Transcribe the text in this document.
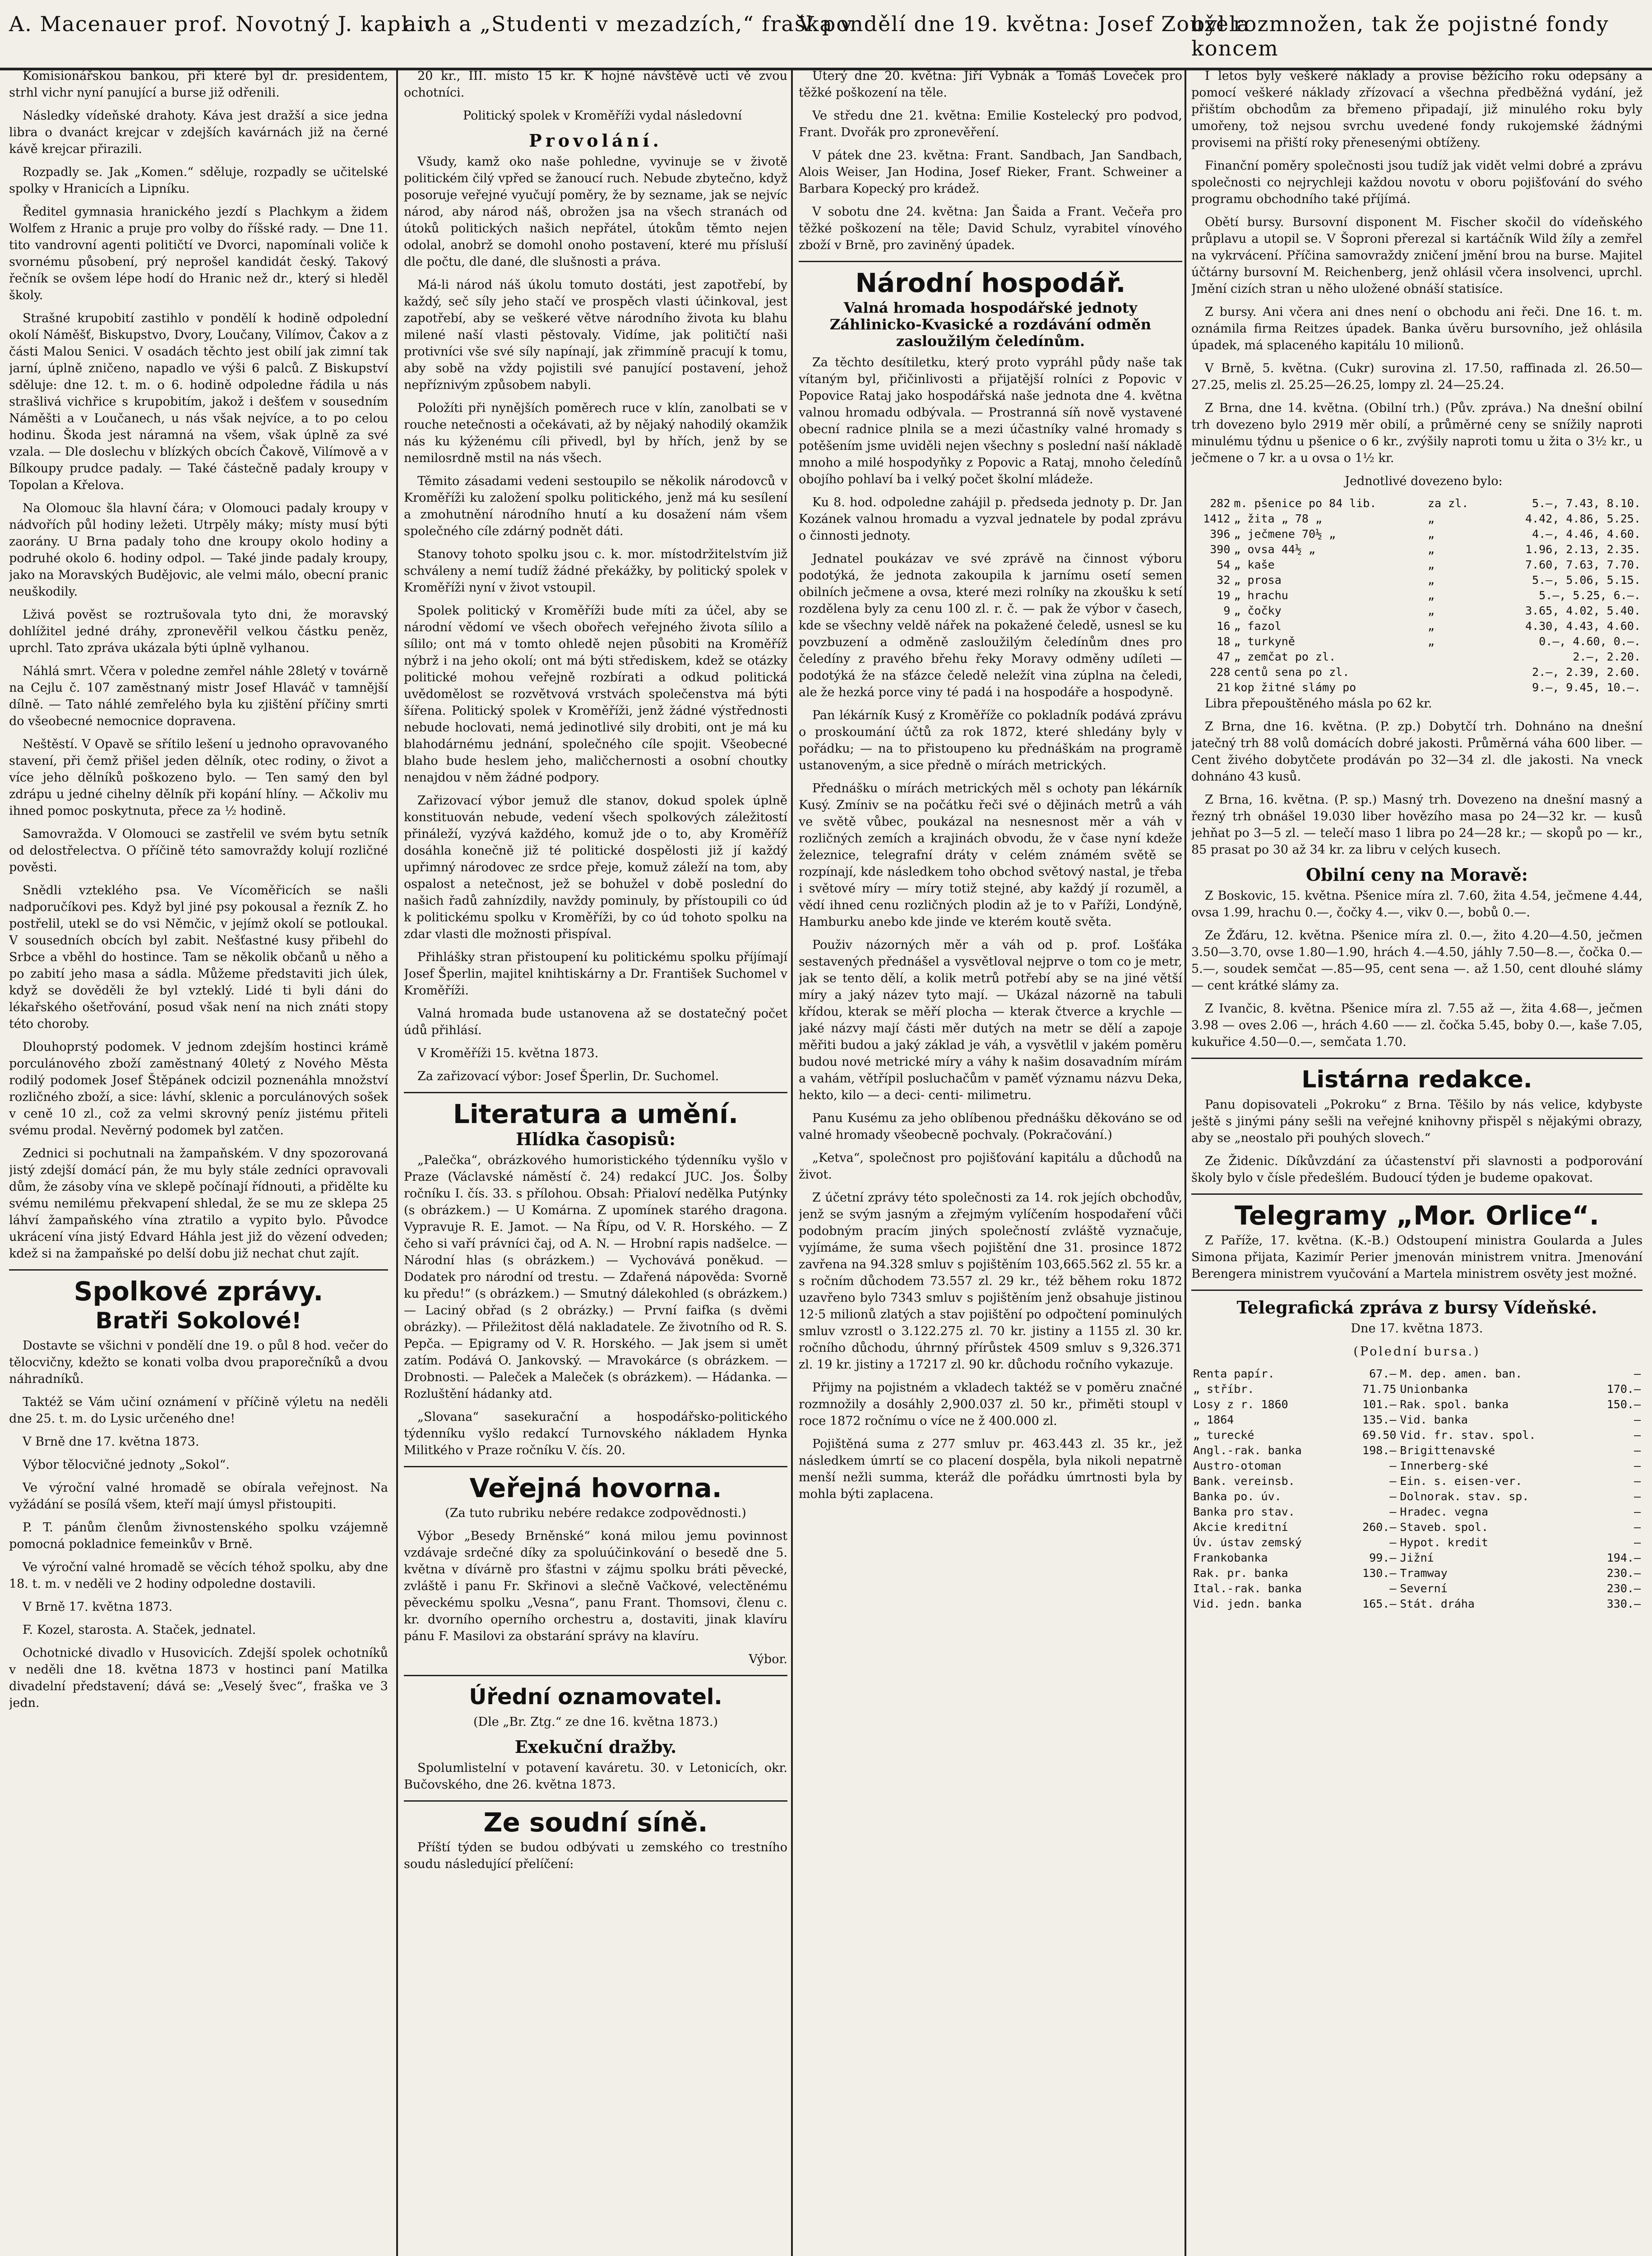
A. Macenauer prof. Novotný J. kapl. v
aich a „Studenti v mezadzích,“ fraška v
V pondělí dne 19. května: Josef Zoužela
byl rozmnožen, tak že pojistné fondy koncem

Komisionářskou bankou, při které byl dr. presidentem, strhl vichr nyní panující a burse již odřenili.

Následky vídeňské drahoty. Káva jest dražší a sice jedna libra o dvanáct krejcar v zdejších kavárnách již na černé kávě krejcar přirazili.

Rozpadly se. Jak „Komen.“ sděluje, rozpadly se učitelské spolky v Hranicích a Lipníku.

Ředitel gymnasia hranického jezdí s Plachkym a židem Wolfem z Hranic a pruje pro volby do říšské rady. — Dne 11. tito vandrovní agenti političtí ve Dvorci, napomínali voliče k svornému působení, prý neprošel kandidát český. Takový řečník se ovšem lépe hodí do Hranic než dr., který si hleděl školy.

Strašné krupobití zastihlo v pondělí k hodině odpolední okolí Náměšť, Biskupstvo, Dvory, Loučany, Vilímov, Čakov a z části Malou Senici. V osadách těchto jest obilí jak zimní tak jarní, úplně zničeno, napadlo ve výši 6 palců. Z Biskupství sděluje: dne 12. t. m. o 6. hodině odpoledne řádila u nás strašlivá vichřice s krupobitím, jakož i dešťem v sousedním Náměšti a v Loučanech, u nás však nejvíce, a to po celou hodinu. Škoda jest náramná na všem, však úplně za své vzala. — Dle doslechu v blízkých obcích Čakově, Vilímově a v Bílkoupy prudce padaly. — Také částečně padaly kroupy v Topolan a Křelova.

Na Olomouc šla hlavní čára; v Olomouci padaly kroupy v nádvořích půl hodiny ležeti. Utrpěly máky; místy musí býti zaorány. U Brna padaly toho dne kroupy okolo hodiny a podruhé okolo 6. hodiny odpol. — Také jinde padaly kroupy, jako na Moravských Budějovic, ale velmi málo, obecní pranic neuškodily.

Lživá pověst se roztrušovala tyto dni, že moravský dohlížitel jedné dráhy, zpronevěřil velkou částku peněz, uprchl. Tato zpráva ukázala býti úplně vylhanou.

Náhlá smrt. Včera v poledne zemřel náhle 28letý v továrně na Cejlu č. 107 zaměstnaný mistr Josef Hlaváč v tamnější dílně. — Tato náhlé zemřelého byla ku zjištění příčiny smrti do všeobecné nemocnice dopravena.

Neštěstí. V Opavě se sřítilo lešení u jednoho opravovaného stavení, při čemž přišel jeden dělník, otec rodiny, o život a více jeho dělníků poškozeno bylo. — Ten samý den byl zdrápu u jedné cihelny dělník při kopání hlíny. — Ačkoliv mu ihned pomoc poskytnuta, přece za ½ hodině.

Samovražda. V Olomouci se zastřelil ve svém bytu setník od delostřelectva. O příčině této samovraždy kolují rozličné pověsti.

Snědli vzteklého psa. Ve Vícoměřicích se našli nadporučíkovi pes. Když byl jiné psy pokousal a řezník Z. ho postřelil, utekl se do vsi Němčic, v jejímž okolí se potloukal. V sousedních obcích byl zabit. Nešťastné kusy přibehl do Srbce a vběhl do hostince. Tam se několik občanů u něho a po zabití jeho masa a sádla. Můžeme představiti jich úlek, když se dověděli že byl vzteklý. Lidé ti byli dáni do lékařského ošetřování, posud však není na nich znáti stopy této choroby.

Dlouhoprstý podomek. V jednom zdejším hostinci krámě porculánového zboží zaměstnaný 40letý z Nového Města rodilý podomek Josef Štěpánek odcizil poznenáhla množství rozličného zboží, a sice: lávhí, sklenic a porculánových sošek v ceně 10 zl., což za velmi skrovný peníz jistému přiteli svému prodal. Nevěrný podomek byl zatčen.

Zednici si pochutnali na žampaňském. V dny spozorovaná jistý zdejší domácí pán, že mu byly stále zedníci opravovali dům, že zásoby vína ve sklepě počínají řídnouti, a přidělte ku svému nemilému překvapení shledal, že se mu ze sklepa 25 láhví žampaňského vína ztratilo a vypito bylo. Původce ukrácení vína jistý Edvard Háhla jest již do vězení odveden; kdež si na žampaňské po delší dobu již nechat chut zajít.

Spolkové zprávy.
Bratři Sokolové!

Dostavte se všichni v pondělí dne 19. o půl 8 hod. večer do tělocvičny, kdežto se konati volba dvou praporečníků a dvou náhradníků.

Taktéž se Vám učiní oznámení v příčině výletu na neděli dne 25. t. m. do Lysic určeného dne!

V Brně dne 17. května 1873.

Výbor tělocvičné jednoty „Sokol“.

Ve výroční valné hromadě se obírala veřejnost. Na vyžádání se posílá všem, kteří mají úmysl přistoupiti.

P. T. pánům členům živnostenského spolku vzájemně pomocná pokladnice femeinkův v Brně.

Ve výroční valné hromadě se věcích téhož spolku, aby dne 18. t. m. v neděli ve 2 hodiny odpoledne dostavili.

V Brně 17. května 1873.

F. Kozel, starosta. A. Staček, jednatel.

Ochotnické divadlo v Husovicích. Zdejší spolek ochotníků v neděli dne 18. května 1873 v hostinci paní Matilka divadelní představení; dává se: „Veselý švec“, fraška ve 3 jedn.

20 kr., III. místo 15 kr. K hojné návštěvě ucti vě zvou ochotníci.

Politický spolek v Kroměříži vydal následovní

Provolání.

Všudy, kamž oko naše pohledne, vyvinuje se v životě politickém čilý vpřed se žanoucí ruch. Nebude zbytečno, když posoruje veřejné vyučují poměry, že by sezname, jak se nejvíc národ, aby národ náš, obrožen jsa na všech stranách od útoků politických našich nepřátel, útokům těmto nejen odolal, anobrž se domohl onoho postavení, které mu přísluší dle počtu, dle dané, dle slušnosti a práva.

Má-li národ náš úkolu tomuto dostáti, jest zapotřebí, by každý, seč síly jeho stačí ve prospěch vlasti účinkoval, jest zapotřebí, aby se veškeré větve národního života ku blahu milené naší vlasti pěstovaly. Vidíme, jak političtí naši protivníci vše své síly napínají, jak zřimmíně pracují k tomu, aby sobě na vždy pojistili své panující postavení, jehož nepříznivým způsobem nabyli.

Položíti při nynějších poměrech ruce v klín, zanolbati se v rouche netečnosti a očekávati, až by nějaký nahodilý okamžik nás ku kýženému cíli přivedl, byl by hřích, jenž by se nemilosrdně mstil na nás všech.

Těmito zásadami vedeni sestoupilo se několik národovců v Kroměříži ku založení spolku politického, jenž má ku sesílení a zmohutnění národního hnutí a ku dosažení nám všem společného cíle zdárný podnět dáti.

Stanovy tohoto spolku jsou c. k. mor. místodržitelstvím již schváleny a nemí tudíž žádné překážky, by politický spolek v Kroměříži nyní v život vstoupil.

Spolek politický v Kroměříži bude míti za účel, aby se národní vědomí ve všech obořech veřejného života sílilo a sílilo; ont má v tomto ohledě nejen působiti na Kroměříž nýbrž i na jeho okolí; ont má býti střediskem, kdež se otázky politické mohou veřejně rozbírati a odkud politická uvědomělost se rozvětvová vrstvách společenstva má býti šířena. Politický spolek v Kroměříži, jenž žádné výstřednosti nebude hoclovati, nemá jedinotlivé sily drobiti, ont je má ku blahodárnému jednání, společného cíle spojit. Všeobecné blaho bude heslem jeho, maličchernosti a osobní choutky nenajdou v něm žádné podpory.

Zařizovací výbor jemuž dle stanov, dokud spolek úplně konstituován nebude, vedení všech spolkových záležitostí přináleží, vyzývá každého, komuž jde o to, aby Kroměříž dosáhla konečně již té politické dospělosti již jí každý upřimný národovec ze srdce přeje, komuž záleží na tom, aby ospalost a netečnost, jež se bohužel v době poslední do našich řadů zahnízdily, navždy pominuly, by přístoupili co úd k politickému spolku v Kroměříži, by co úd tohoto spolku na zdar vlasti dle možnosti přispíval.

Přihlášky stran přistoupení ku politickému spolku příjímají Josef Šperlin, majitel knihtiskárny a Dr. František Suchomel v Kroměříži.

Valná hromada bude ustanovena až se dostatečný počet údů přihlásí.

V Kroměříži 15. května 1873.

Za zařizovací výbor: Josef Šperlin, Dr. Suchomel.

Literatura a umění.
Hlídka časopisů:

„Palečka“, obrázkového humoristického týdenníku vyšlo v Praze (Václavské náměstí č. 24) redakcí JUC. Jos. Šolby ročníku I. čís. 33. s přílohou. Obsah: Přialoví nedělka Putýnky (s obrázkem.) — U Komárna. Z upomínek starého dragona. Vypravuje R. E. Jamot. — Na Řípu, od V. R. Horského. — Z čeho si vaří právníci čaj, od A. N. — Hrobní rapis nadšelce. — Národní hlas (s obrázkem.) — Vychovává poněkud. — Dodatek pro národní od trestu. — Zdařená nápověda: Svorně ku předu!“ (s obrázkem.) — Smutný dálekohled (s obrázkem.) — Laciný obřad (s 2 obrázky.) — První faifka (s dvěmi obrázky). — Přiležitost dělá nakladatele. Ze životního od R. S. Pepča. — Epigramy od V. R. Horského. — Jak jsem si umět zatím. Podává O. Jankovský. — Mravokárce (s obrázkem. — Drobnosti. — Paleček a Maleček (s obrázkem). — Hádanka. — Rozluštění hádanky atd.

„Slovana“ sasekurační a hospodářsko-politického týdenníku vyšlo redakcí Turnovského nákladem Hynka Militkého v Praze ročníku V. čís. 20.

Veřejná hovorna.

(Za tuto rubriku nebére redakce zodpovědnosti.)

Výbor „Besedy Brněnské“ koná milou jemu povinnost vzdávaje srdečné díky za spoluúčinkování o besedě dne 5. května v dívárně pro šťastni v zájmu spolku bráti pěvecké, zvláště i panu Fr. Skřinovi a slečně Vačkové, velectěnému pěveckému spolku „Vesna“, panu Frant. Thomsovi, členu c. kr. dvorního operního orchestru a, dostaviti, jinak klavíru pánu F. Masilovi za obstarání správy na klavíru.

Výbor.

Úřední oznamovatel.

(Dle „Br. Ztg.“ ze dne 16. května 1873.)

Exekuční dražby.

Spolumlistelní v potavení kaváretu. 30. v Letonicích, okr. Bučovského, dne 26. května 1873.

Ze soudní síně.

Příští týden se budou odbývati u zemského co trestního soudu následující přelíčení:

Úterý dne 20. května: Jiří Vybnák a Tomáš Loveček pro těžké poškození na těle.

Ve středu dne 21. května: Emilie Kostelecký pro podvod, Frant. Dvořák pro zpronevěření.

V pátek dne 23. května: Frant. Sandbach, Jan Sandbach, Alois Weiser, Jan Hodina, Josef Rieker, Frant. Schweiner a Barbara Kopecký pro krádež.

V sobotu dne 24. května: Jan Šaida a Frant. Večeřa pro těžké poškození na těle; David Schulz, vyrabitel vínového zboží v Brně, pro zaviněný úpadek.

Národní hospodář.
Valná hromada hospodářské jednoty Záhlinicko-Kvasické a rozdávání odměn zasloužilým čeledínům.

Za těchto desítiletku, který proto vypráhl půdy naše tak vítaným byl, přičinlivosti a přijatější rolníci z Popovic v Popovice Rataj jako hospodářská naše jednota dne 4. května valnou hromadu odbývala. — Prostranná síň nově vystavené obecní radnice plnila se a mezi účastníky valné hromady s potěšením jsme uviděli nejen všechny s poslední naší nákladě mnoho a milé hospodyňky z Popovic a Rataj, mnoho čeledínů obojího pohlaví ba i velký počet školní mládeže.

Ku 8. hod. odpoledne zahájil p. předseda jednoty p. Dr. Jan Kozánek valnou hromadu a vyzval jednatele by podal zprávu o činnosti jednoty.

Jednatel poukázav ve své zprávě na činnost výboru podotýká, že jednota zakoupila k jarnímu osetí semen obilních ječmene a ovsa, které mezi rolníky na zkoušku k setí rozdělena byly za cenu 100 zl. r. č. — pak že výbor v časech, kde se všechny veldě nářek na pokažené čeledě, usnesl se ku povzbuzení a odměně zasloužilým čeledínům dnes pro čeledíny z pravého břehu řeky Moravy odměny udíleti — podotýká že na sťázce čeledě neležít vina zúplna na čeledi, ale že hezká porce viny té padá i na hospodáře a hospodyně.

Pan lékárník Kusý z Kroměříže co pokladník podává zprávu o proskoumání účtů za rok 1872, které shledány byly v pořádku; — na to přistoupeno ku přednáškám na programě ustanoveným, a sice předně o mírách metrických.

Přednášku o mírách metrických měl s ochoty pan lékárník Kusý. Zmíniv se na počátku řeči své o dějinách metrů a váh ve světě vůbec, poukázal na nesnesnost měr a váh v rozličných zemích a krajinách obvodu, že v čase nyní kdeže železnice, telegrafní dráty v celém známém světě se rozpínají, kde následkem toho obchod světový nastal, je třeba i světové míry — míry totiž stejné, aby každý jí rozuměl, a vědí ihned cenu rozličných plodin až je to v Paříži, Londýně, Hamburku anebo kde jinde ve kterém koutě světa.

Použiv názorných měr a váh od p. prof. Lošťáka sestavených přednášel a vysvětloval nejprve o tom co je metr, jak se tento dělí, a kolik metrů potřebí aby se na jiné větší míry a jaký název tyto mají. — Ukázal názorně na tabuli křídou, kterak se měří plocha — kterak čtverce a krychle — jaké názvy mají části měr dutých na metr se dělí a zapoje měřiti budou a jaký základ je váh, a vysvětlil v jakém poměru budou nové metrické míry a váhy k našim dosavadním mírám a vahám, větřípil posluchačům v paměť významu názvu Deka, hekto, kilo — a deci- centi- milimetru.

Panu Kusému za jeho oblíbenou přednášku děkováno se od valné hromady všeobecně pochvaly. (Pokračování.)

„Ketva“, společnost pro pojišťování kapitálu a důchodů na život.

Z účetní zprávy této společnosti za 14. rok jejích obchodův, jenž se svým jasným a zřejmým vylíčením hospodaření vůči podobným pracím jiných společností zvláště vyznačuje, vyjímáme, že suma všech pojištění dne 31. prosince 1872 zavřena na 94.328 smluv s pojištěním 103,665.562 zl. 55 kr. a s ročním důchodem 73.557 zl. 29 kr., též během roku 1872 uzavřeno bylo 7343 smluv s pojištěním jenž obsahuje jistinou 12·5 milionů zlatých a stav pojištění po odpočtení pominulých smluv vzrostl o 3.122.275 zl. 70 kr. jistiny a 1155 zl. 30 kr. ročního důchodu, úhrnný přírůstek 4509 smluv s 9,326.371 zl. 19 kr. jistiny a 17217 zl. 90 kr. důchodu ročního vykazuje.

Přijmy na pojistném a vkladech taktéž se v poměru značné rozmnožily a dosáhly 2,900.037 zl. 50 kr., přiměti stoupl v roce 1872 ročnímu o více ne ž 400.000 zl.

Pojištěná suma z 277 smluv pr. 463.443 zl. 35 kr., jež následkem úmrtí se co placení dospěla, byla nikoli nepatrně menší nežli summa, kteráž dle pořádku úmrtnosti byla by mohla býti zaplacena.

I letos byly veškeré náklady a provise běžícího roku odepsány a pomocí veškeré náklady zřízovací a všechna předběžná vydání, jež přištím obchodům za břemeno připadají, již minulého roku byly umořeny, tož nejsou svrchu uvedené fondy rukojemské žádnými provisemi na přiští roky přenesenými obtíženy.

Finanční poměry společnosti jsou tudíž jak vidět velmi dobré a zprávu společnosti co nejrychleji každou novotu v oboru pojišťování do svého programu obchodního také příjímá.

Obětí bursy. Bursovní disponent M. Fischer skočil do vídeňského průplavu a utopil se. V Šoproni přerezal si kartáčník Wild žíly a zemřel na vykrvácení. Příčina samovraždy zničení jmění brou na burse. Majitel účtárny bursovní M. Reichenberg, jenž ohlásil včera insolvenci, uprchl. Jmění cizích stran u něho uložené obnáší statisíce.

Z bursy. Ani včera ani dnes není o obchodu ani řeči. Dne 16. t. m. oznámila firma Reitzes úpadek. Banka úvěru bursovního, jež ohlásila úpadek, má splaceného kapitálu 10 milionů.

V Brně, 5. května. (Cukr) surovina zl. 17.50, raffinada zl. 26.50—27.25, melis zl. 25.25—26.25, lompy zl. 24—25.24.

Z Brna, dne 14. května. (Obilní trh.) (Pův. zpráva.) Na dnešní obilní trh dovezeno bylo 2919 měr obilí, a průměrné ceny se snížily naproti minulému týdnu u pšenice o 6 kr., zvýšily naproti tomu u žita o 3½ kr., u ječmene o 7 kr. a u ovsa o 1½ kr.

Jednotlivé dovezeno bylo:

282	m. pšenice po 84 lib.	za zl.	5.—, 7.43, 8.10.
1412	„ žita „ 78 „	„	4.42, 4.86, 5.25.
396	„ ječmene 70½ „	„	4.—, 4.46, 4.60.
390	„ ovsa 44½ „	„	1.96, 2.13, 2.35.
54	„ kaše	„	7.60, 7.63, 7.70.
32	„ prosa	„	5.—, 5.06, 5.15.
19	„ hrachu	„	5.—, 5.25, 6.—.
9	„ čočky	„	3.65, 4.02, 5.40.
16	„ fazol	„	4.30, 4.43, 4.60.
18	„ turkyně	„	0.—, 4.60, 0.—.
47	„ zemčat po zl.		2.—, 2.20.
228	centů sena po zl.		2.—, 2.39, 2.60.
21	kop žitné slámy po		9.—, 9.45, 10.—.

Libra přepouštěného másla po 62 kr.

Z Brna, dne 16. května. (P. zp.) Dobytčí trh. Dohnáno na dnešní jatečný trh 88 volů domácích dobré jakosti. Průměrná váha 600 liber. — Cent živého dobytčete prodáván po 32—34 zl. dle jakosti. Na vneck dohnáno 43 kusů.

Z Brna, 16. května. (P. sp.) Masný trh. Dovezeno na dnešní masný a řezný trh obnášel 19.030 liber hovězího masa po 24—32 kr. — kusů jehňat po 3—5 zl. — telečí maso 1 libra po 24—28 kr.; — skopů po — kr., 85 prasat po 30 až 34 kr. za libru v celých kusech.

Obilní ceny na Moravě:

Z Boskovic, 15. května. Pšenice míra zl. 7.60, žita 4.54, ječmene 4.44, ovsa 1.99, hrachu 0.—, čočky 4.—, vikv 0.—, bobů 0.—.

Ze Žďáru, 12. května. Pšenice míra zl. 0.—, žito 4.20—4.50, ječmen 3.50—3.70, ovse 1.80—1.90, hrách 4.—4.50, jáhly 7.50—8.—, čočka 0.—5.—, soudek semčat —.85—95, cent sena —. až 1.50, cent dlouhé slámy — cent krátké slámy za.

Z Ivančic, 8. května. Pšenice míra zl. 7.55 až —, žita 4.68—, ječmen 3.98 — oves 2.06 —, hrách 4.60 —— zl. čočka 5.45, boby 0.—, kaše 7.05, kukuřice 4.50—0.—, semčata 1.70.

Listárna redakce.

Panu dopisovateli „Pokroku“ z Brna. Těšilo by nás velice, kdybyste ještě s jinými pány sešli na veřejné knihovny přispěl s nějakými obrazy, aby se „neostalo při pouhých slovech.“

Ze Židenic. Díkůvzdání za účastenství při slavnosti a podporování školy bylo v čísle předešlém. Budoucí týden je budeme opakovat.

Telegramy „Mor. Orlice“.

Z Paříže, 17. května. (K.-B.) Odstoupení ministra Goularda a Jules Simona přijata, Kazimír Perier jmenován ministrem vnitra. Jmenování Berengera ministrem vyučování a Martela ministrem osvěty jest možné.

Telegrafická zpráva z bursy Vídeňské.

Dne 17. května 1873.

(Polední bursa.)

Renta papír.	67.—	M. dep. amen. ban.	—
„ stříbr.	71.75	Unionbanka	170.—
Losy z r. 1860	101.—	Rak. spol. banka	150.—
„ 1864	135.—	Vid. banka	—
„ turecké	69.50	Vid. fr. stav. spol.	—
Angl.-rak. banka	198.—	Brigittenavské	—
Austro-otoman	—	Innerberg-ské	—
Bank. vereinsb.	—	Ein. s. eisen-ver.	—
Banka po. úv.	—	Dolnorak. stav. sp.	—
Banka pro stav.	—	Hradec. vegna	—
Akcie kreditní	260.—	Staveb. spol.	—
Úv. ústav zemský	—	Hypot. kredit	—
Frankobanka	99.—	Jižní	194.—
Rak. pr. banka	130.—	Tramway	230.—
Ital.-rak. banka	—	Severní	230.—
Vid. jedn. banka	165.—	Stát. dráha	330.—
